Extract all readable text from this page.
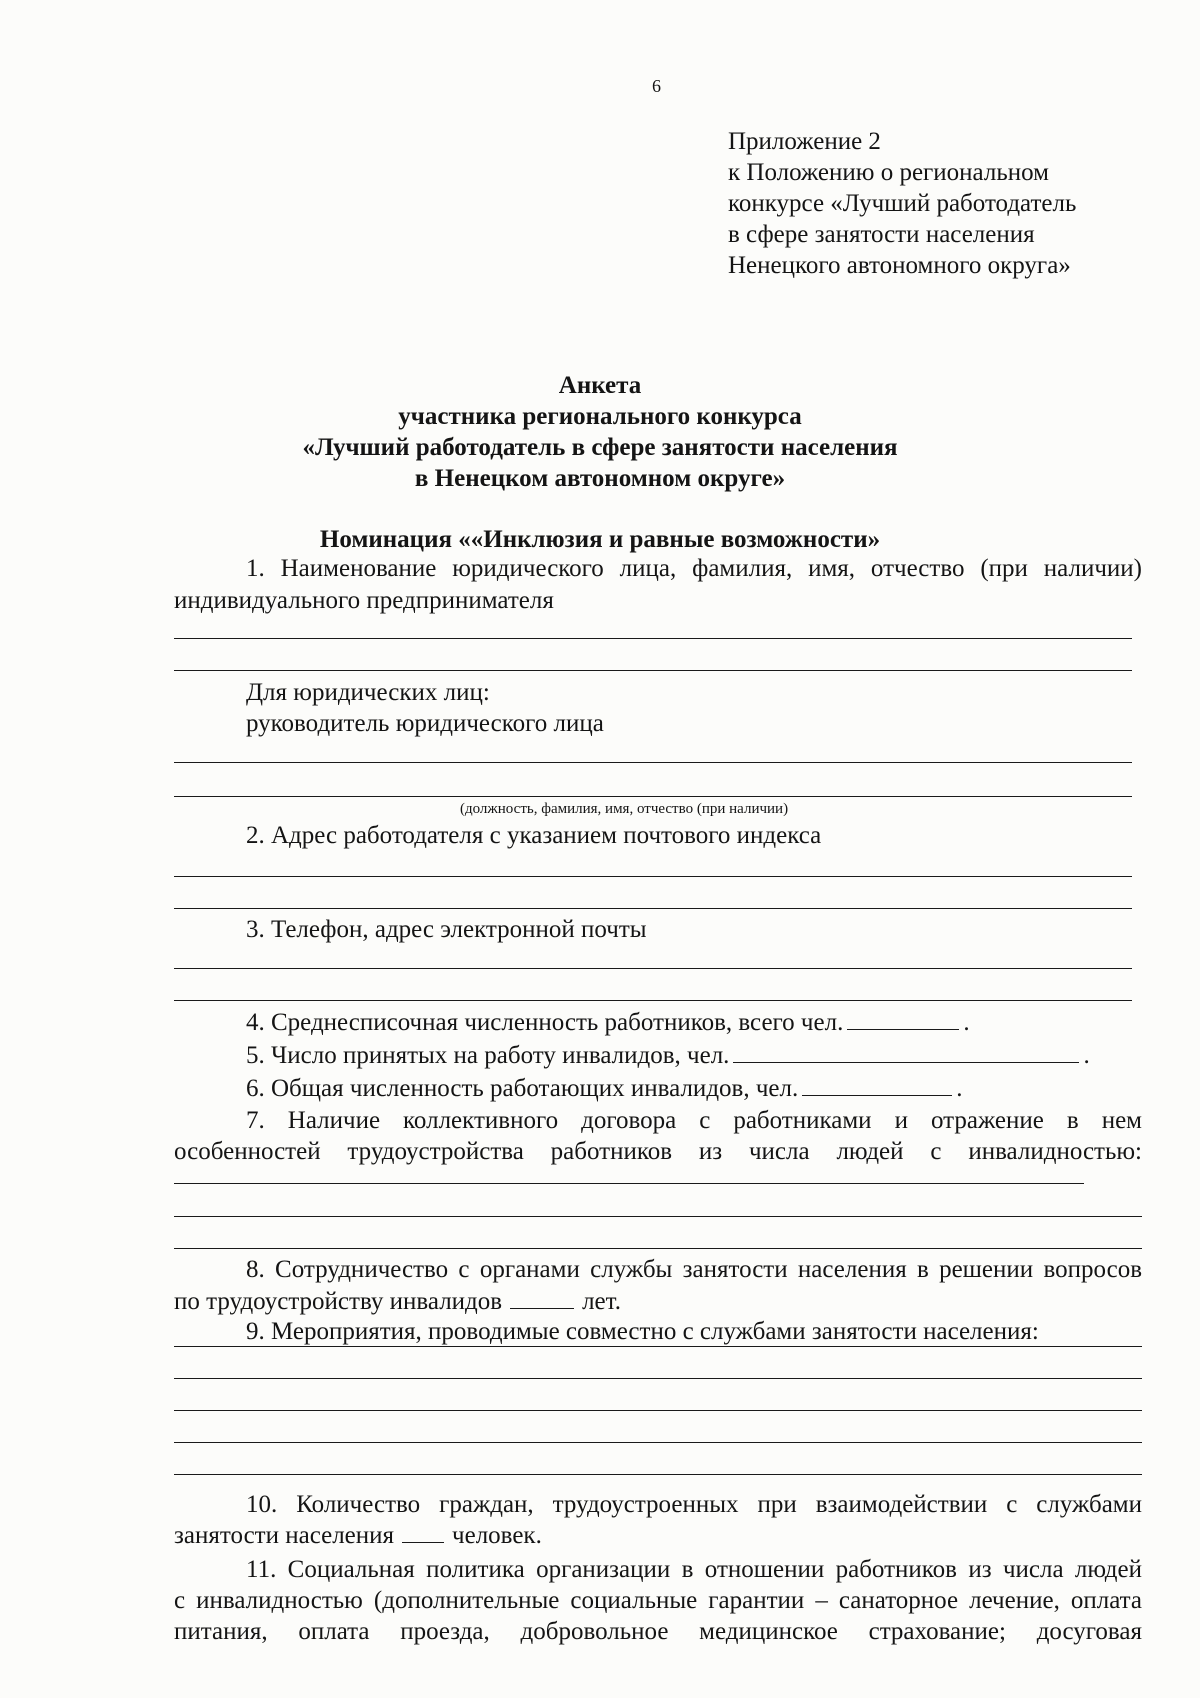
6
Приложение 2
к Положению о региональном
конкурсе «Лучший работодатель
в сфере занятости населения
Ненецкого автономного округа»
Анкета
участника регионального конкурса
«Лучший работодатель в сфере занятости населения
в Ненецком автономном округе»
Номинация ««Инклюзия и равные возможности»
1. Наименование юридического лица, фамилия, имя, отчество (при наличии)
индивидуального предпринимателя
Для юридических лиц:
руководитель юридического лица
(должность, фамилия, имя, отчество (при наличии)
2. Адрес работодателя с указанием почтового индекса
3. Телефон, адрес электронной почты
4. Среднесписочная численность работников, всего чел.	.
5. Число принятых на работу инвалидов, чел.	.
6. Общая численность работающих инвалидов, чел.	.
7. Наличие коллективного договора с работниками и отражение в нем
особенностей трудоустройства работников из числа людей с инвалидностью:
8. Сотрудничество с органами службы занятости населения в решении вопросов
по трудоустройству инвалидов	лет.
9. Мероприятия, проводимые совместно с службами занятости населения:
10. Количество граждан, трудоустроенных при взаимодействии с службами
занятости населения человек.
11. Социальная политика организации в отношении работников из числа людей
с инвалидностью (дополнительные социальные гарантии – санаторное лечение, оплата
питания, оплата проезда, добровольное медицинское страхование; досуговая
